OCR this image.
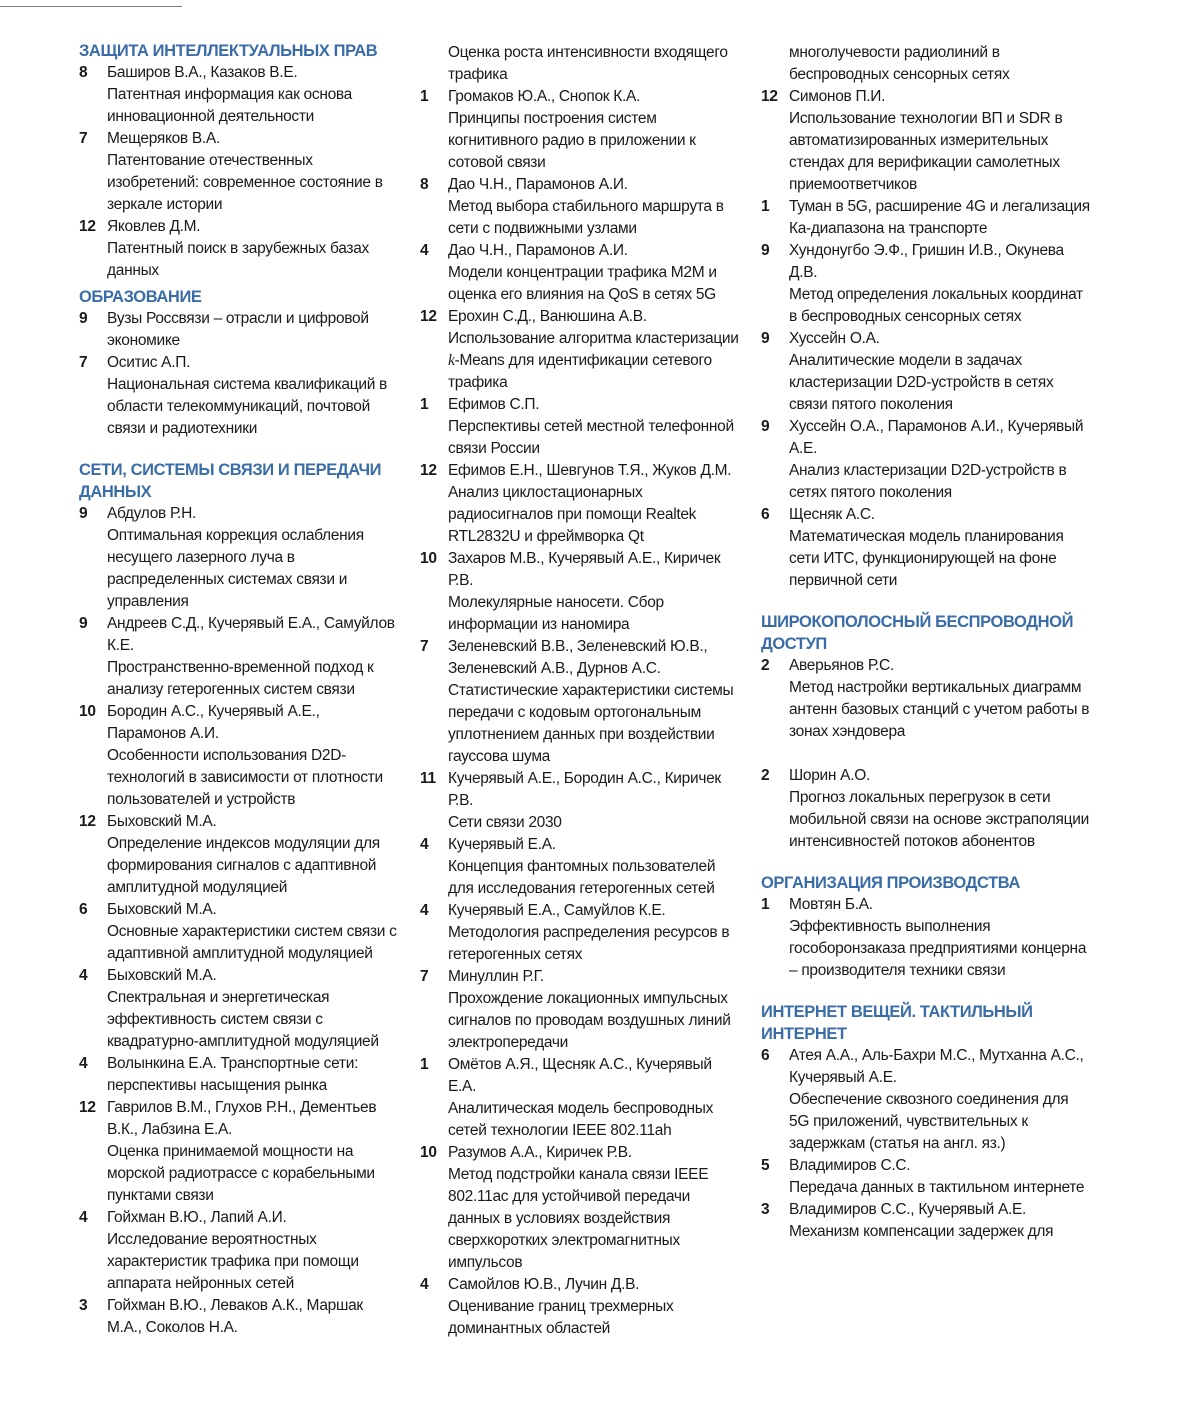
ЗАЩИТА ИНТЕЛЛЕКТУАЛЬНЫХ ПРАВ
8	Баширов В.А., Казаков В.Е.
Патентная информация как основа инновационной деятельности
7	Мещеряков В.А.
Патентование отечественных изобретений: современное состояние в зеркале истории
12 Яковлев Д.М.
Патентный поиск в зарубежных базах данных
ОБРАЗОВАНИЕ
9	Вузы Россвязи – отрасли и цифровой экономике
7	Оситис А.П.
Национальная система квалификаций в области телекоммуникаций, почтовой связи и радиотехники
СЕТИ, СИСТЕМЫ СВЯЗИ И ПЕРЕДАЧИ ДАННЫХ
9	Абдулов Р.Н.
Оптимальная коррекция ослабления несущего лазерного луча в распределенных системах связи и управления
9	Андреев С.Д., Кучерявый Е.А., Самуйлов К.Е.
Пространственно-временной подход к анализу гетерогенных систем связи
10 Бородин А.С., Кучерявый А.Е., Парамонов А.И.
Особенности использования D2D-технологий в зависимости от плотности пользователей и устройств
12 Быховский М.А.
Определение индексов модуляции для формирования сигналов с адаптивной амплитудной модуляцией
6	Быховский М.А.
Основные характеристики систем связи с адаптивной амплитудной модуляцией
4	Быховский М.А.
Спектральная и энергетическая эффективность систем связи с квадратурно-амплитудной модуляцией
4	Волынкина Е.А. Транспортные сети: перспективы насыщения рынка
12 Гаврилов В.М., Глухов Р.Н., Дементьев В.К., Лабзина Е.А.
Оценка принимаемой мощности на морской радиотрассе с корабельными пунктами связи
4	Гойхман В.Ю., Лапий А.И.
Исследование вероятностных характеристик трафика при помощи аппарата нейронных сетей
3	Гойхман В.Ю., Леваков А.К., Маршак М.А., Соколов Н.А.
Оценка роста интенсивности входящего трафика
1	Громаков Ю.А., Снопок К.А.
Принципы построения систем когнитивного радио в приложении к сотовой связи
8	Дао Ч.Н., Парамонов А.И.
Метод выбора стабильного маршрута в сети с подвижными узлами
4	Дао Ч.Н., Парамонов А.И.
Модели концентрации трафика M2M и оценка его влияния на QoS в сетях 5G
12 Ерохин С.Д., Ванюшина А.В.
Использование алгоритма кластеризации k-Means для идентификации сетевого трафика
1	Ефимов С.П.
Перспективы сетей местной телефонной связи России
12 Ефимов Е.Н., Шевгунов Т.Я., Жуков Д.М.
Анализ циклостационарных радиосигналов при помощи Realtek RTL2832U и фреймворка Qt
10 Захаров М.В., Кучерявый А.Е., Киричек Р.В.
Молекулярные наносети. Сбор информации из наномира
7	Зеленевский В.В., Зеленевский Ю.В., Зеленевский А.В., Дурнов А.С.
Статистические характеристики системы передачи с кодовым ортогональным уплотнением данных при воздействии гауссова шума
11 Кучерявый А.Е., Бородин А.С., Киричек Р.В.
Сети связи 2030
4	Кучерявый Е.А.
Концепция фантомных пользователей для исследования гетерогенных сетей
4	Кучерявый Е.А., Самуйлов К.Е.
Методология распределения ресурсов в гетерогенных сетях
7	Минуллин Р.Г.
Прохождение локационных импульсных сигналов по проводам воздушных линий электропередачи
1	Омётов А.Я., Щесняк А.С., Кучерявый Е.А.
Аналитическая модель беспроводных сетей технологии IEEE 802.11ah
10 Разумов А.А., Киричек Р.В.
Метод подстройки канала связи IEEE 802.11ac для устойчивой передачи данных в условиях воздействия сверхкоротких электромагнитных импульсов
4	Самойлов Ю.В., Лучин Д.В.
Оценивание границ трехмерных доминантных областей
многолучевости радиолиний в беспроводных сенсорных сетях
12 Симонов П.И.
Использование технологии ВП и SDR в автоматизированных измерительных стендах для верификации самолетных приемоответчиков
1	Туман в 5G, расширение 4G и легализация Ка-диапазона на транспорте
9	Хундонугбо Э.Ф., Гришин И.В., Окунева Д.В.
Метод определения локальных координат в беспроводных сенсорных сетях
9	Хуссейн О.А.
Аналитические модели в задачах кластеризации D2D-устройств в сетях связи пятого поколения
9	Хуссейн О.А., Парамонов А.И., Кучерявый А.Е.
Анализ кластеризации D2D-устройств в сетях пятого поколения
6	Щесняк А.С.
Математическая модель планирования сети ИТС, функционирующей на фоне первичной сети
ШИРОКОПОЛОСНЫЙ БЕСПРОВОДНОЙ ДОСТУП
2	Аверьянов Р.С.
Метод настройки вертикальных диаграмм антенн базовых станций с учетом работы в зонах хэндовера
2	Шорин А.О.
Прогноз локальных перегрузок в сети мобильной связи на основе экстраполяции интенсивностей потоков абонентов
ОРГАНИЗАЦИЯ ПРОИЗВОДСТВА
1	Мовтян Б.А.
Эффективность выполнения гособоронзаказа предприятиями концерна – производителя техники связи
ИНТЕРНЕТ ВЕЩЕЙ. ТАКТИЛЬНЫЙ ИНТЕРНЕТ
6	Атея А.А., Аль-Бахри М.С., Мутханна А.С., Кучерявый А.Е.
Обеспечение сквозного соединения для 5G приложений, чувствительных к задержкам (статья на англ. яз.)
5	Владимиров С.С.
Передача данных в тактильном интернете
3	Владимиров С.С., Кучерявый А.Е.
Механизм компенсации задержек для
